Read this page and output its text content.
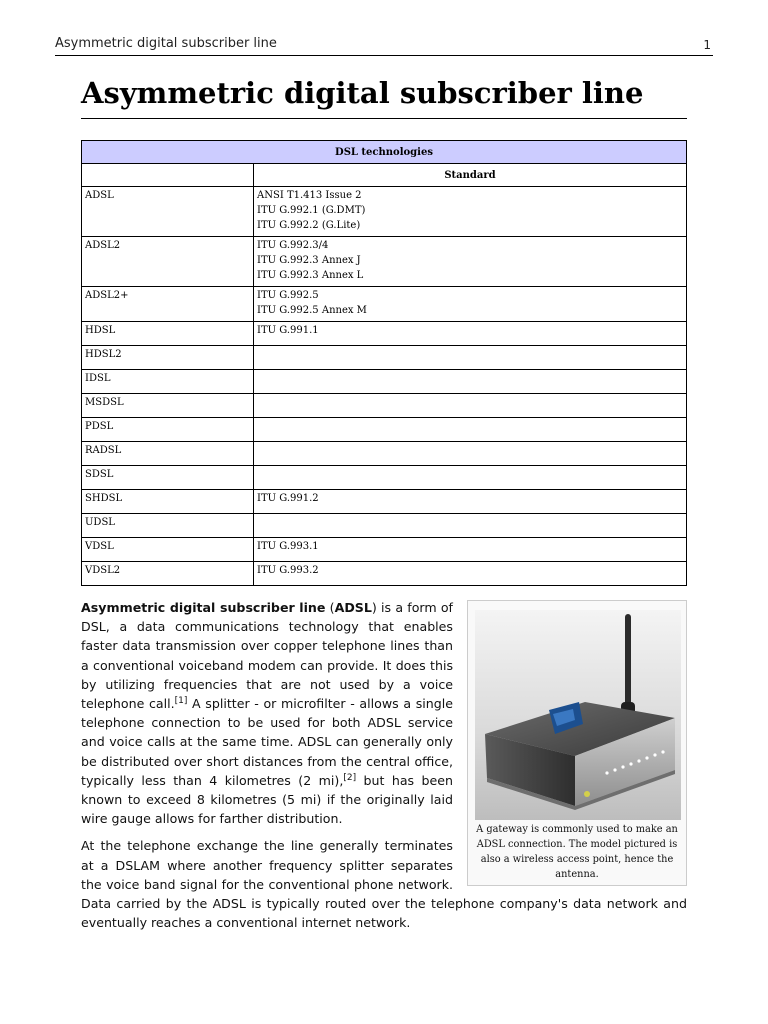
Asymmetric digital subscriber line	1
Asymmetric digital subscriber line
DSL technologies	
	Standard
ADSL	ANSI T1.413 Issue 2
ITU G.992.1 (G.DMT)
ITU G.992.2 (G.Lite)

ADSL2	ITU G.992.3/4
ITU G.992.3 Annex J
ITU G.992.3 Annex L

ADSL2+	ITU G.992.5
ITU G.992.5 Annex M

HDSL	ITU G.991.1

HDSL2	
IDSL	
MSDSL	
PDSL	
RADSL	
SDSL	
SHDSL	ITU G.991.2

UDSL	
VDSL	ITU G.993.1

VDSL2	ITU G.993.2
A gateway is commonly used to make an ADSL connection. The model pictured is also a wireless access point, hence the antenna.

Asymmetric digital subscriber line (ADSL) is a form of DSL, a data communications technology that enables faster data transmission over copper telephone lines than a conventional voiceband modem can provide. It does this by utilizing frequencies that are not used by a voice telephone call.[1] A splitter - or microfilter - allows a single telephone connection to be used for both ADSL service and voice calls at the same time. ADSL can generally only be distributed over short distances from the central office, typically less than 4 kilometres (2 mi),[2] but has been known to exceed 8 kilometres (5 mi) if the originally laid wire gauge allows for farther distribution.

At the telephone exchange the line generally terminates at a DSLAM where another frequency splitter separates the voice band signal for the conventional phone network. Data carried by the ADSL is typically routed over the telephone company's data network and eventually reaches a conventional internet network.
